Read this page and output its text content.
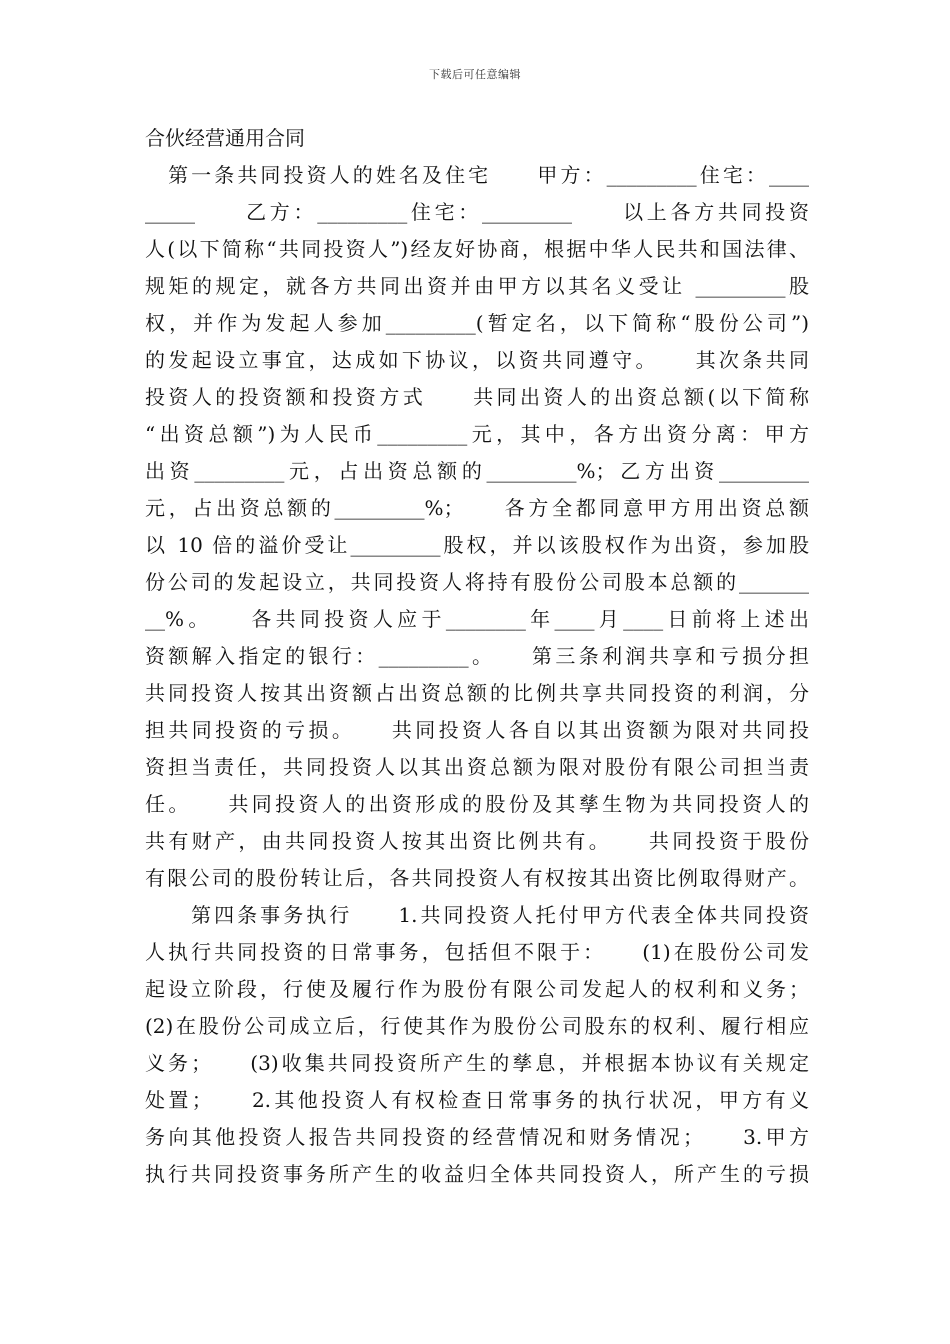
下载后可任意编辑
合伙经营通用合同
　第一条共同投资人的姓名及住宅　　甲方：_________住宅：____
_____　　乙方：_________住宅：_________　　以上各方共同投资
人(以下简称“共同投资人”)经友好协商，根据中华人民共和国法律、
规矩的规定，就各方共同出资并由甲方以其名义受让 _________股
权，并作为发起人参加_________(暂定名，以下简称“股份公司”)
的发起设立事宜，达成如下协议，以资共同遵守。　　其次条共同
投资人的投资额和投资方式　　共同出资人的出资总额(以下简称
“出资总额”)为人民币_________元，其中，各方出资分离：甲方
出资_________元，占出资总额的_________%；乙方出资_________
元，占出资总额的_________%；　　各方全都同意甲方用出资总额
以 10 倍的溢价受让_________股权，并以该股权作为出资，参加股
份公司的发起设立，共同投资人将持有股份公司股本总额的_______
__%。　　各共同投资人应于________年____月____日前将上述出
资额解入指定的银行：_________。　　第三条利润共享和亏损分担
共同投资人按其出资额占出资总额的比例共享共同投资的利润，分
担共同投资的亏损。　　共同投资人各自以其出资额为限对共同投
资担当责任，共同投资人以其出资总额为限对股份有限公司担当责
任。　　共同投资人的出资形成的股份及其孳生物为共同投资人的
共有财产，由共同投资人按其出资比例共有。　　共同投资于股份
有限公司的股份转让后，各共同投资人有权按其出资比例取得财产。
　　第四条事务执行　　1.共同投资人托付甲方代表全体共同投资
人执行共同投资的日常事务，包括但不限于：　　(1)在股份公司发
起设立阶段，行使及履行作为股份有限公司发起人的权利和义务；
(2)在股份公司成立后，行使其作为股份公司股东的权利、履行相应
义务；　　(3)收集共同投资所产生的孳息，并根据本协议有关规定
处置；　　2.其他投资人有权检查日常事务的执行状况，甲方有义
务向其他投资人报告共同投资的经营情况和财务情况；　　3.甲方
执行共同投资事务所产生的收益归全体共同投资人，所产生的亏损
